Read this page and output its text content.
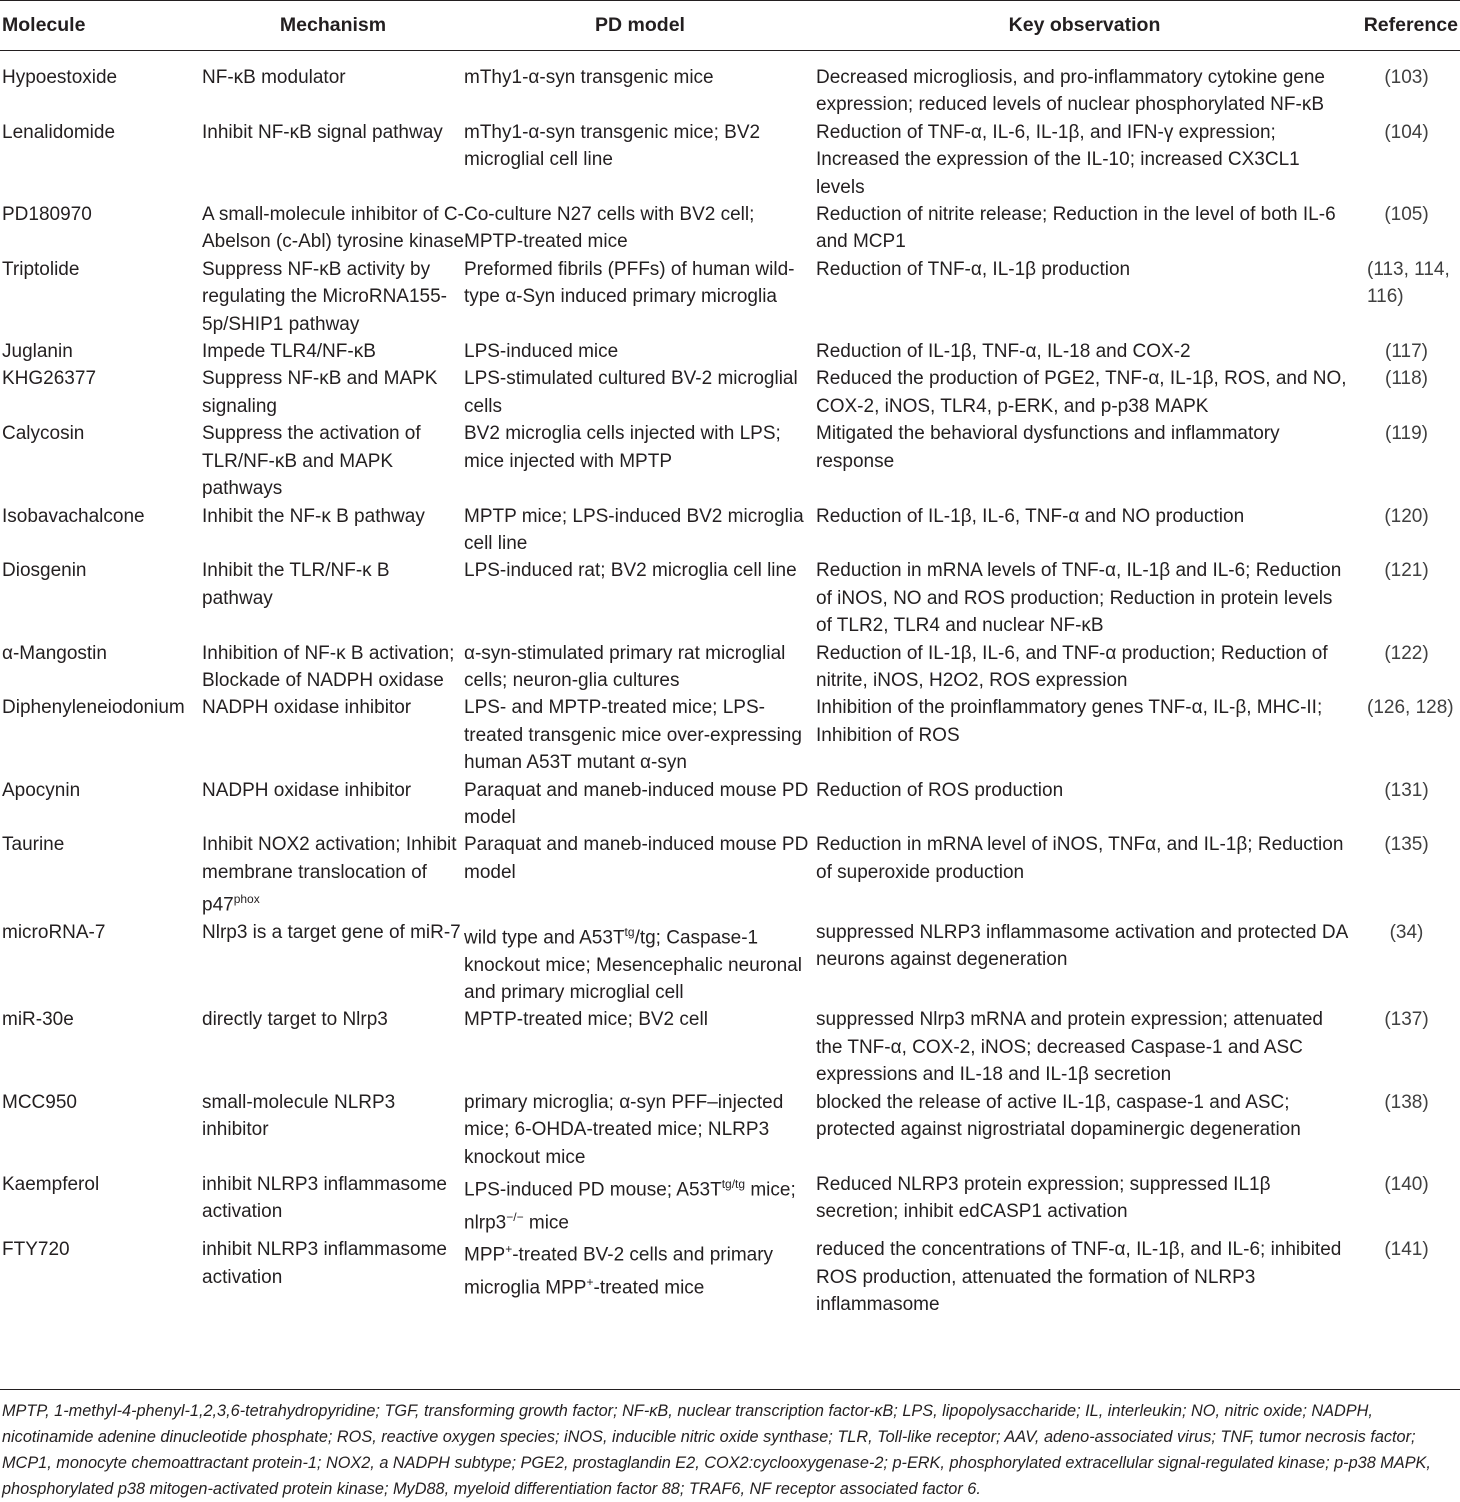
Molecule	Mechanism	PD model	Key observation	Reference
Hypoestoxide	NF-κB modulator	mThy1-α-syn transgenic mice	Decreased microgliosis, and pro-inflammatory cytokine gene expression; reduced levels of nuclear phosphorylated NF-κB	(103)
Lenalidomide	Inhibit NF-κB signal pathway	mThy1-α-syn transgenic mice; BV2 microglial cell line	Reduction of TNF-α, IL-6, IL-1β, and IFN-γ expression; Increased the expression of the IL-10; increased CX3CL1 levels	(104)
PD180970	A small-molecule inhibitor of C-Abelson (c-Abl) tyrosine kinase	Co-culture N27 cells with BV2 cell; MPTP-treated mice	Reduction of nitrite release; Reduction in the level of both IL-6 and MCP1	(105)
Triptolide	Suppress NF-κB activity by regulating the MicroRNA155-5p/SHIP1 pathway	Preformed fibrils (PFFs) of human wild-type α-Syn induced primary microglia	Reduction of TNF-α, IL-1β production	(113, 114, 116)
Juglanin	Impede TLR4/NF-κB	LPS-induced mice	Reduction of IL-1β, TNF-α, IL-18 and COX-2	(117)
KHG26377	Suppress NF-κB and MAPK signaling	LPS-stimulated cultured BV-2 microglial cells	Reduced the production of PGE2, TNF-α, IL-1β, ROS, and NO, COX-2, iNOS, TLR4, p-ERK, and p-p38 MAPK	(118)
Calycosin	Suppress the activation of TLR/NF-κB and MAPK pathways	BV2 microglia cells injected with LPS; mice injected with MPTP	Mitigated the behavioral dysfunctions and inflammatory response	(119)
Isobavachalcone	Inhibit the NF-κ B pathway	MPTP mice; LPS-induced BV2 microglia cell line	Reduction of IL-1β, IL-6, TNF-α and NO production	(120)
Diosgenin	Inhibit the TLR/NF-κ B pathway	LPS-induced rat; BV2 microglia cell line	Reduction in mRNA levels of TNF-α, IL-1β and IL-6; Reduction of iNOS, NO and ROS production; Reduction in protein levels of TLR2, TLR4 and nuclear NF-κB	(121)
α-Mangostin	Inhibition of NF-κ B activation; Blockade of NADPH oxidase	α-syn-stimulated primary rat microglial cells; neuron-glia cultures	Reduction of IL-1β, IL-6, and TNF-α production; Reduction of nitrite, iNOS, H2O2, ROS expression	(122)
Diphenyleneiodonium	NADPH oxidase inhibitor	LPS- and MPTP-treated mice; LPS-treated transgenic mice over-expressing human A53T mutant α-syn	Inhibition of the proinflammatory genes TNF-α, IL-β, MHC-II; Inhibition of ROS	(126, 128)
Apocynin	NADPH oxidase inhibitor	Paraquat and maneb-induced mouse PD model	Reduction of ROS production	(131)
Taurine	Inhibit NOX2 activation; Inhibit membrane translocation of $p47^{phox}$	Paraquat and maneb-induced mouse PD model	Reduction in mRNA level of iNOS, TNFα, and IL-1β; Reduction of superoxide production	(135)
microRNA-7	Nlrp3 is a target gene of miR-7	wild type and $A53T^{tg}/tg$; Caspase-1 knockout mice; Mesencephalic neuronal and primary microglial cell	suppressed NLRP3 inflammasome activation and protected DA neurons against degeneration	(34)
miR-30e	directly target to Nlrp3	MPTP-treated mice; BV2 cell	suppressed Nlrp3 mRNA and protein expression; attenuated the TNF-α, COX-2, iNOS; decreased Caspase-1 and ASC expressions and IL-18 and IL-1β secretion	(137)
MCC950	small-molecule NLRP3 inhibitor	primary microglia; α-syn PFF–injected mice; 6-OHDA-treated mice; NLRP3 knockout mice	blocked the release of active IL-1β, caspase-1 and ASC; protected against nigrostriatal dopaminergic degeneration	(138)
Kaempferol	inhibit NLRP3 inflammasome activation	LPS-induced PD mouse; $A53T^{tg/tg}$ mice; nlrp3−/− mice	Reduced NLRP3 protein expression; suppressed IL1β secretion; inhibit edCASP1 activation	(140)
FTY720	inhibit NLRP3 inflammasome activation	MPP+-treated BV-2 cells and primary microglia MPP+-treated mice	reduced the concentrations of TNF-α, IL-1β, and IL-6; inhibited ROS production, attenuated the formation of NLRP3 inflammasome	(141)

MPTP, 1-methyl-4-phenyl-1,2,3,6-tetrahydropyridine; TGF, transforming growth factor; NF-κB, nuclear transcription factor-κB; LPS, lipopolysaccharide; IL, interleukin; NO, nitric oxide; NADPH, nicotinamide adenine dinucleotide phosphate; ROS, reactive oxygen species; iNOS, inducible nitric oxide synthase; TLR, Toll-like receptor; AAV, adeno-associated virus; TNF, tumor necrosis factor; MCP1, monocyte chemoattractant protein-1; NOX2, a NADPH subtype; PGE2, prostaglandin E2, COX2:cyclooxygenase-2; p-ERK, phosphorylated extracellular signal-regulated kinase; p-p38 MAPK, phosphorylated p38 mitogen-activated protein kinase; MyD88, myeloid differentiation factor 88; TRAF6, NF receptor associated factor 6.
